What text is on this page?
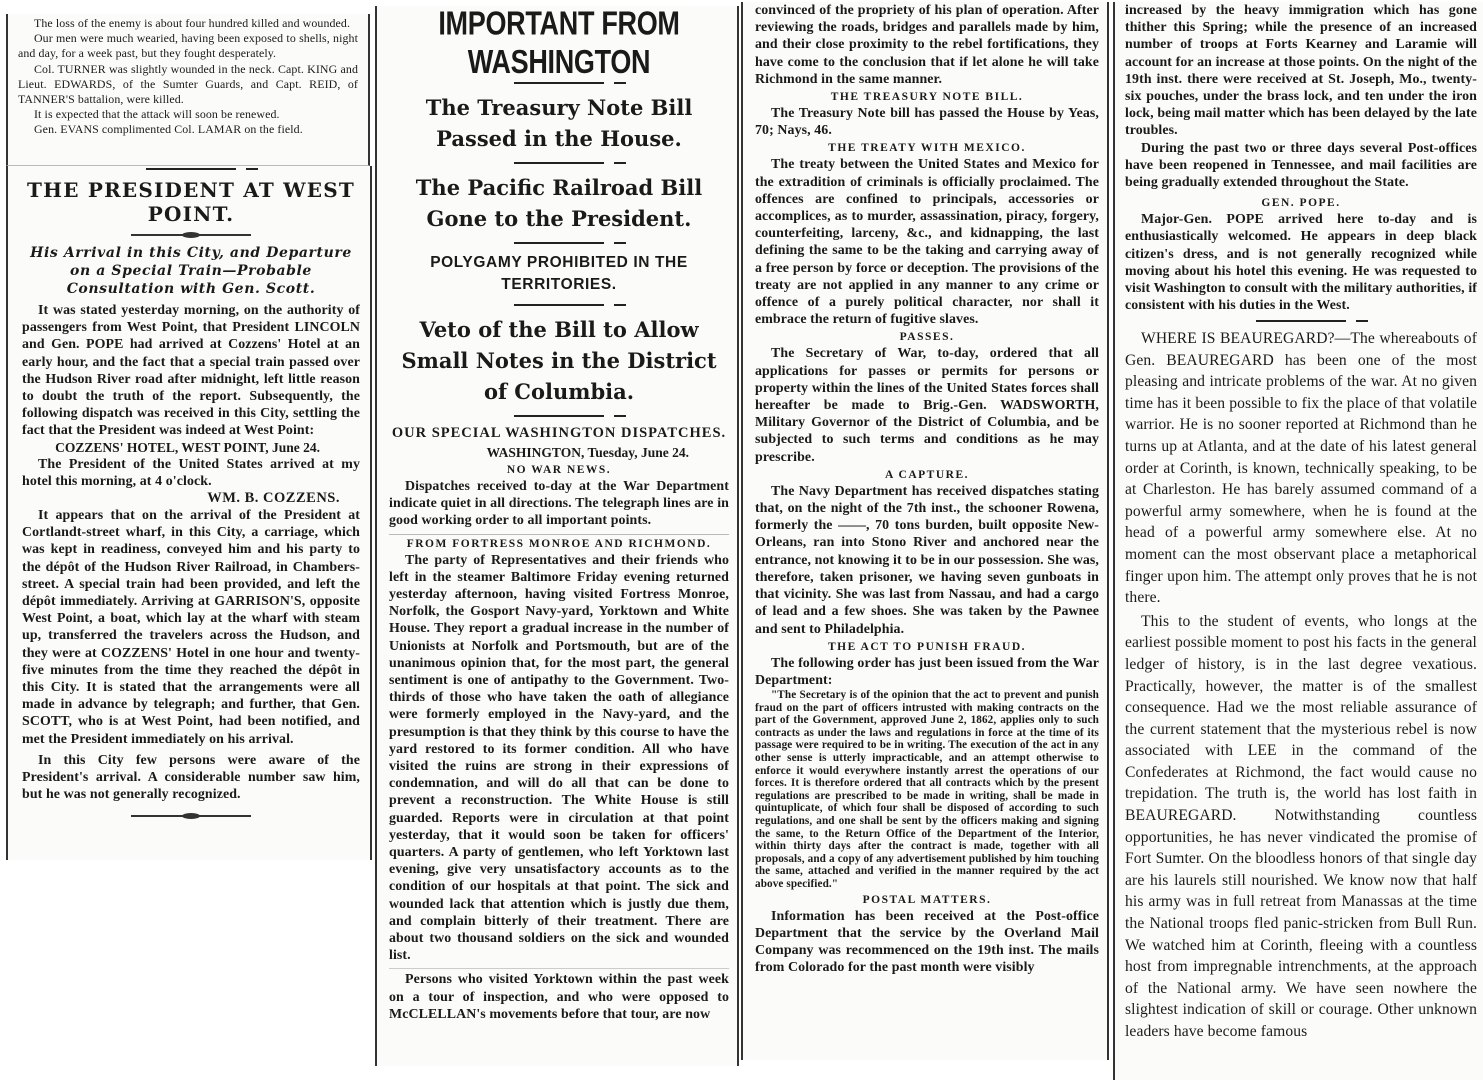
The loss of the enemy is about four hundred killed and wounded.

Our men were much wearied, having been exposed to shells, night and day, for a week past, but they fought desperately.

Col. TURNER was slightly wounded in the neck. Capt. KING and Lieut. EDWARDS, of the Sumter Guards, and Capt. REID, of TANNER'S battalion, were killed.

It is expected that the attack will soon be renewed.

Gen. EVANS complimented Col. LAMAR on the field.

THE PRESIDENT AT WEST POINT.
His Arrival in this City, and Departure on a Special Train—Probable Consultation with Gen. Scott.

It was stated yesterday morning, on the authority of passengers from West Point, that President LINCOLN and Gen. POPE had arrived at Cozzens' Hotel at an early hour, and the fact that a special train passed over the Hudson River road after midnight, left little reason to doubt the truth of the report. Subsequently, the following dispatch was received in this City, settling the fact that the President was indeed at West Point:

COZZENS' HOTEL, WEST POINT, June 24.

The President of the United States arrived at my hotel this morning, at 4 o'clock.

WM. B. COZZENS.

It appears that on the arrival of the President at Cortlandt-street wharf, in this City, a carriage, which was kept in readiness, conveyed him and his party to the dépôt of the Hudson River Railroad, in Chambers-street. A special train had been provided, and left the dépôt immediately. Arriving at GARRISON'S, opposite West Point, a boat, which lay at the wharf with steam up, transferred the travelers across the Hudson, and they were at COZZENS' Hotel in one hour and twenty-five minutes from the time they reached the dépôt in this City. It is stated that the arrangements were all made in advance by telegraph; and further, that Gen. SCOTT, who is at West Point, had been notified, and met the President immediately on his arrival.

In this City few persons were aware of the President's arrival. A considerable number saw him, but he was not generally recognized.

IMPORTANT FROM WASHINGTON
The Treasury Note Bill Passed in the House.
The Pacific Railroad Bill Gone to the President.
POLYGAMY PROHIBITED IN THE TERRITORIES.
Veto of the Bill to Allow Small Notes in the District of Columbia.
OUR SPECIAL WASHINGTON DISPATCHES.
WASHINGTON, Tuesday, June 24.
NO WAR NEWS.

Dispatches received to-day at the War Department indicate quiet in all directions. The telegraph lines are in good working order to all important points.

FROM FORTRESS MONROE AND RICHMOND.

The party of Representatives and their friends who left in the steamer Baltimore Friday evening returned yesterday afternoon, having visited Fortress Monroe, Norfolk, the Gosport Navy-yard, Yorktown and White House. They report a gradual increase in the number of Unionists at Norfolk and Portsmouth, but are of the unanimous opinion that, for the most part, the general sentiment is one of antipathy to the Government. Two-thirds of those who have taken the oath of allegiance were formerly employed in the Navy-yard, and the presumption is that they think by this course to have the yard restored to its former condition. All who have visited the ruins are strong in their expressions of condemnation, and will do all that can be done to prevent a reconstruction. The White House is still guarded. Reports were in circulation at that point yesterday, that it would soon be taken for officers' quarters. A party of gentlemen, who left Yorktown last evening, give very unsatisfactory accounts as to the condition of our hospitals at that point. The sick and wounded lack that attention which is justly due them, and complain bitterly of their treatment. There are about two thousand soldiers on the sick and wounded list.

Persons who visited Yorktown within the past week on a tour of inspection, and who were opposed to McCLELLAN's movements before that tour, are now

convinced of the propriety of his plan of operation. After reviewing the roads, bridges and parallels made by him, and their close proximity to the rebel fortifications, they have come to the conclusion that if let alone he will take Richmond in the same manner.

THE TREASURY NOTE BILL.

The Treasury Note bill has passed the House by Yeas, 70; Nays, 46.

THE TREATY WITH MEXICO.

The treaty between the United States and Mexico for the extradition of criminals is officially proclaimed. The offences are confined to principals, accessories or accomplices, as to murder, assassination, piracy, forgery, counterfeiting, larceny, &c., and kidnapping, the last defining the same to be the taking and carrying away of a free person by force or deception. The provisions of the treaty are not applied in any manner to any crime or offence of a purely political character, nor shall it embrace the return of fugitive slaves.

PASSES.

The Secretary of War, to-day, ordered that all applications for passes or permits for persons or property within the lines of the United States forces shall hereafter be made to Brig.-Gen. WADSWORTH, Military Governor of the District of Columbia, and be subjected to such terms and conditions as he may prescribe.

A CAPTURE.

The Navy Department has received dispatches stating that, on the night of the 7th inst., the schooner Rowena, formerly the ——, 70 tons burden, built opposite New-Orleans, ran into Stono River and anchored near the entrance, not knowing it to be in our possession. She was, therefore, taken prisoner, we having seven gunboats in that vicinity. She was last from Nassau, and had a cargo of lead and a few shoes. She was taken by the Pawnee and sent to Philadelphia.

THE ACT TO PUNISH FRAUD.

The following order has just been issued from the War Department:

"The Secretary is of the opinion that the act to prevent and punish fraud on the part of officers intrusted with making contracts on the part of the Government, approved June 2, 1862, applies only to such contracts as under the laws and regulations in force at the time of its passage were required to be in writing. The execution of the act in any other sense is utterly impracticable, and an attempt otherwise to enforce it would everywhere instantly arrest the operations of our forces. It is therefore ordered that all contracts which by the present regulations are prescribed to be made in writing, shall be made in quintuplicate, of which four shall be disposed of according to such regulations, and one shall be sent by the officers making and signing the same, to the Return Office of the Department of the Interior, within thirty days after the contract is made, together with all proposals, and a copy of any advertisement published by him touching the same, attached and verified in the manner required by the act above specified."

POSTAL MATTERS.

Information has been received at the Post-office Department that the service by the Overland Mail Company was recommenced on the 19th inst. The mails from Colorado for the past month were visibly

increased by the heavy immigration which has gone thither this Spring; while the presence of an increased number of troops at Forts Kearney and Laramie will account for an increase at those points. On the night of the 19th inst. there were received at St. Joseph, Mo., twenty-six pouches, under the brass lock, and ten under the iron lock, being mail matter which has been delayed by the late troubles.

During the past two or three days several Post-offices have been reopened in Tennessee, and mail facilities are being gradually extended throughout the State.

GEN. POPE.

Major-Gen. POPE arrived here to-day and is enthusiastically welcomed. He appears in deep black citizen's dress, and is not generally recognized while moving about his hotel this evening. He was requested to visit Washington to consult with the military authorities, if consistent with his duties in the West.

WHERE IS BEAUREGARD?—The whereabouts of Gen. BEAUREGARD has been one of the most pleasing and intricate problems of the war. At no given time has it been possible to fix the place of that volatile warrior. He is no sooner reported at Richmond than he turns up at Atlanta, and at the date of his latest general order at Corinth, is known, technically speaking, to be at Charleston. He has barely assumed command of a powerful army somewhere, when he is found at the head of a powerful army somewhere else. At no moment can the most observant place a metaphorical finger upon him. The attempt only proves that he is not there.

This to the student of events, who longs at the earliest possible moment to post his facts in the general ledger of history, is in the last degree vexatious. Practically, however, the matter is of the smallest consequence. Had we the most reliable assurance of the current statement that the mysterious rebel is now associated with LEE in the command of the Confederates at Richmond, the fact would cause no trepidation. The truth is, the world has lost faith in BEAUREGARD. Notwithstanding countless opportunities, he has never vindicated the promise of Fort Sumter. On the bloodless honors of that single day are his laurels still nourished. We know now that half his army was in full retreat from Manassas at the time the National troops fled panic-stricken from Bull Run. We watched him at Corinth, fleeing with a countless host from impregnable intrenchments, at the approach of the National army. We have seen nowhere the slightest indication of skill or courage. Other unknown leaders have become famous
